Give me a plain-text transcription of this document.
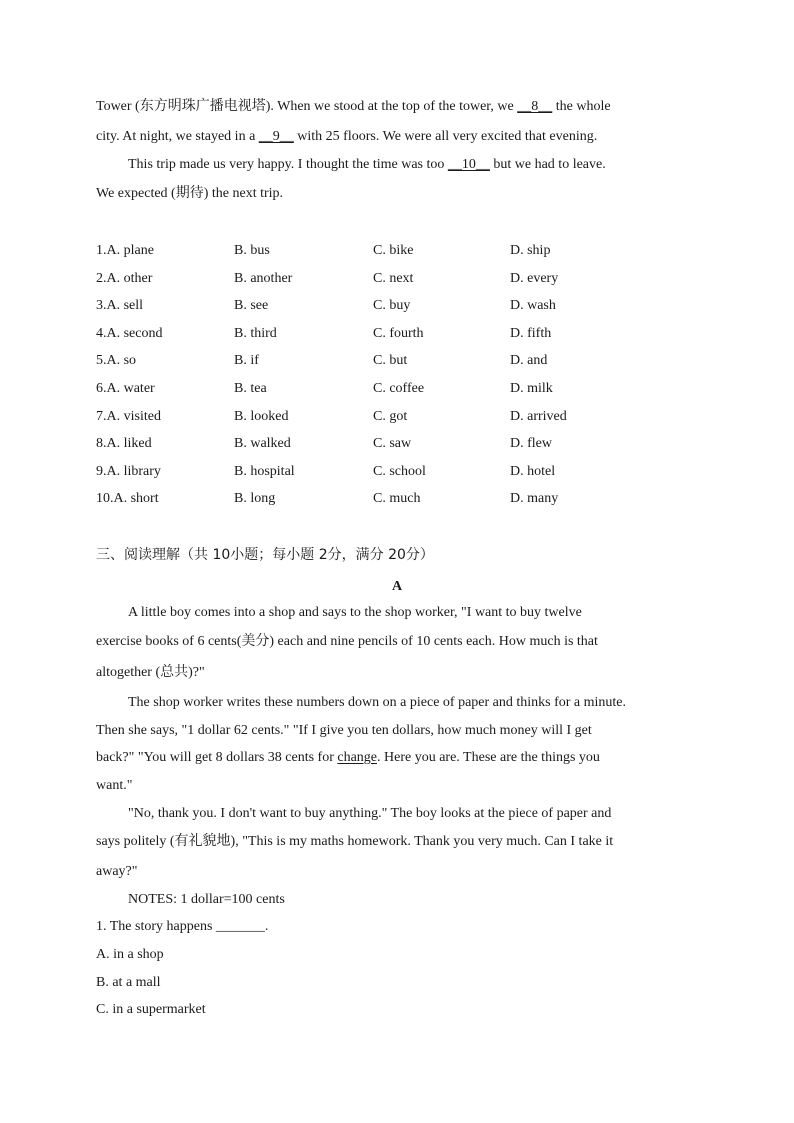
Tower (东方明珠广播电视塔). When we stood at the top of the tower, we __8__ the whole
city. At night, we stayed in a __9__ with 25 floors. We were all very excited that evening.
This trip made us very happy. I thought the time was too __10__ but we had to leave.
We expected (期待) the next trip.
1.A. plane	B. bus	C. bike	D. ship
2.A. other	B. another	C. next	D. every
3.A. sell	B. see	C. buy	D. wash
4.A. second	B. third	C. fourth	D. fifth
5.A. so	B. if	C. but	D. and
6.A. water	B. tea	C. coffee	D. milk
7.A. visited	B. looked	C. got	D. arrived
8.A. liked	B. walked	C. saw	D. flew
9.A. library	B. hospital	C. school	D. hotel
10.A. short	B. long	C. much	D. many
三、阅读理解（共 10小题；每小题 2分，满分 20分）
A
A little boy comes into a shop and says to the shop worker, "I want to buy twelve
exercise books of 6 cents(美分) each and nine pencils of 10 cents each. How much is that
altogether (总共)?"
The shop worker writes these numbers down on a piece of paper and thinks for a minute.
Then she says, "1 dollar 62 cents." "If I give you ten dollars, how much money will I get
back?" "You will get 8 dollars 38 cents for change. Here you are. These are the things you
want."
"No, thank you. I don't want to buy anything." The boy looks at the piece of paper and
says politely (有礼貌地), "This is my maths homework. Thank you very much. Can I take it
away?"
NOTES: 1 dollar=100 cents
1. The story happens _______.
A. in a shop
B. at a mall
C. in a supermarket
